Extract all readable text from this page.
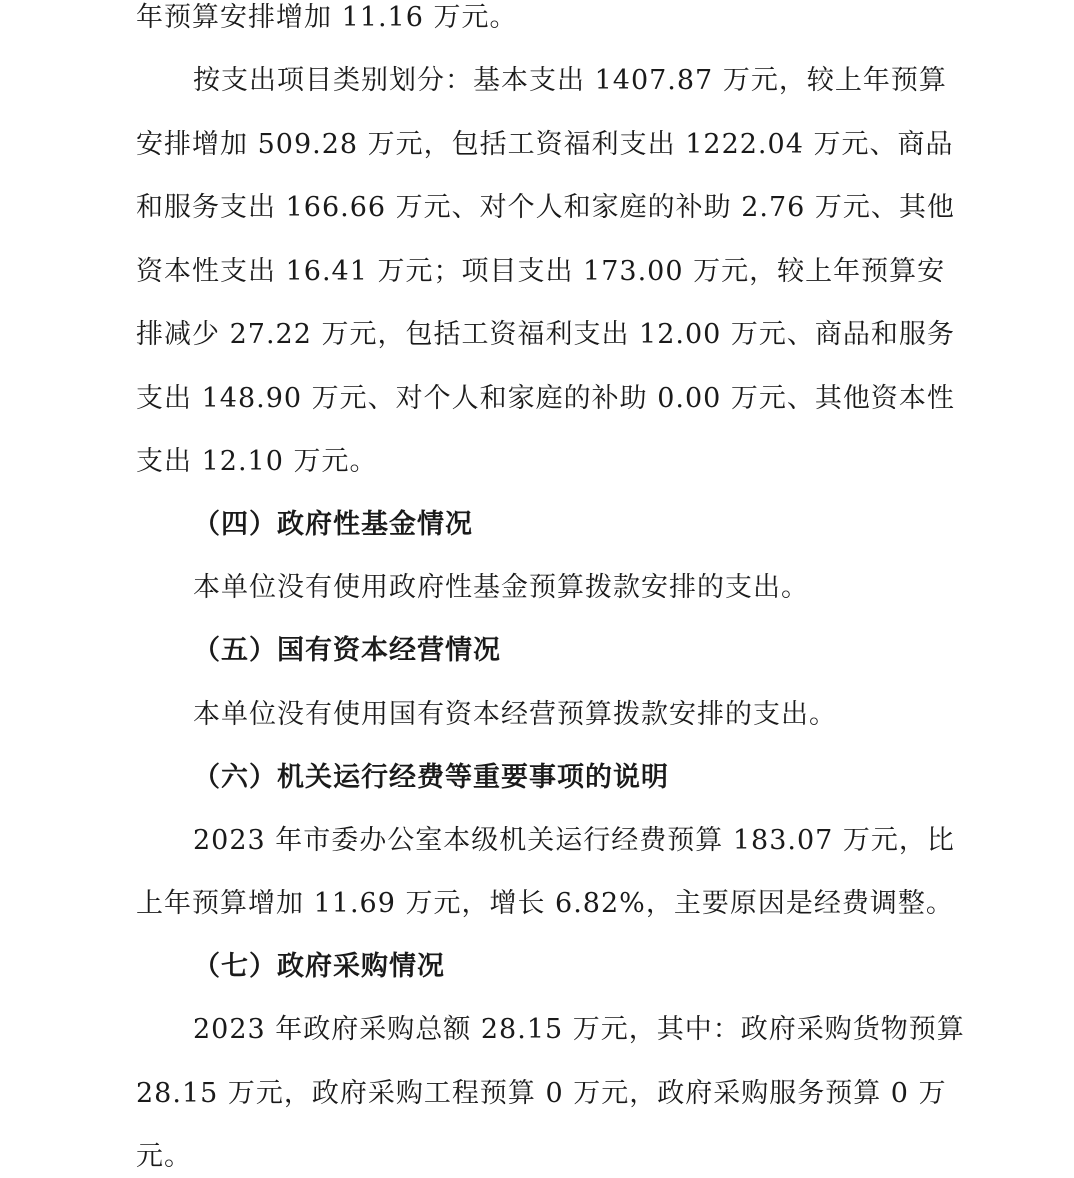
年预算安排增加 11.16 万元。
按支出项目类别划分：基本支出 1407.87 万元，较上年预算
安排增加 509.28 万元，包括工资福利支出 1222.04 万元、商品
和服务支出 166.66 万元、对个人和家庭的补助 2.76 万元、其他
资本性支出 16.41 万元；项目支出 173.00 万元，较上年预算安
排减少 27.22 万元，包括工资福利支出 12.00 万元、商品和服务
支出 148.90 万元、对个人和家庭的补助 0.00 万元、其他资本性
支出 12.10 万元。
（四）政府性基金情况
本单位没有使用政府性基金预算拨款安排的支出。
（五）国有资本经营情况
本单位没有使用国有资本经营预算拨款安排的支出。
（六）机关运行经费等重要事项的说明
2023 年市委办公室本级机关运行经费预算 183.07 万元，比
上年预算增加 11.69 万元，增长 6.82%，主要原因是经费调整。
（七）政府采购情况
2023 年政府采购总额 28.15 万元，其中：政府采购货物预算
28.15 万元，政府采购工程预算 0 万元，政府采购服务预算 0 万
元。
